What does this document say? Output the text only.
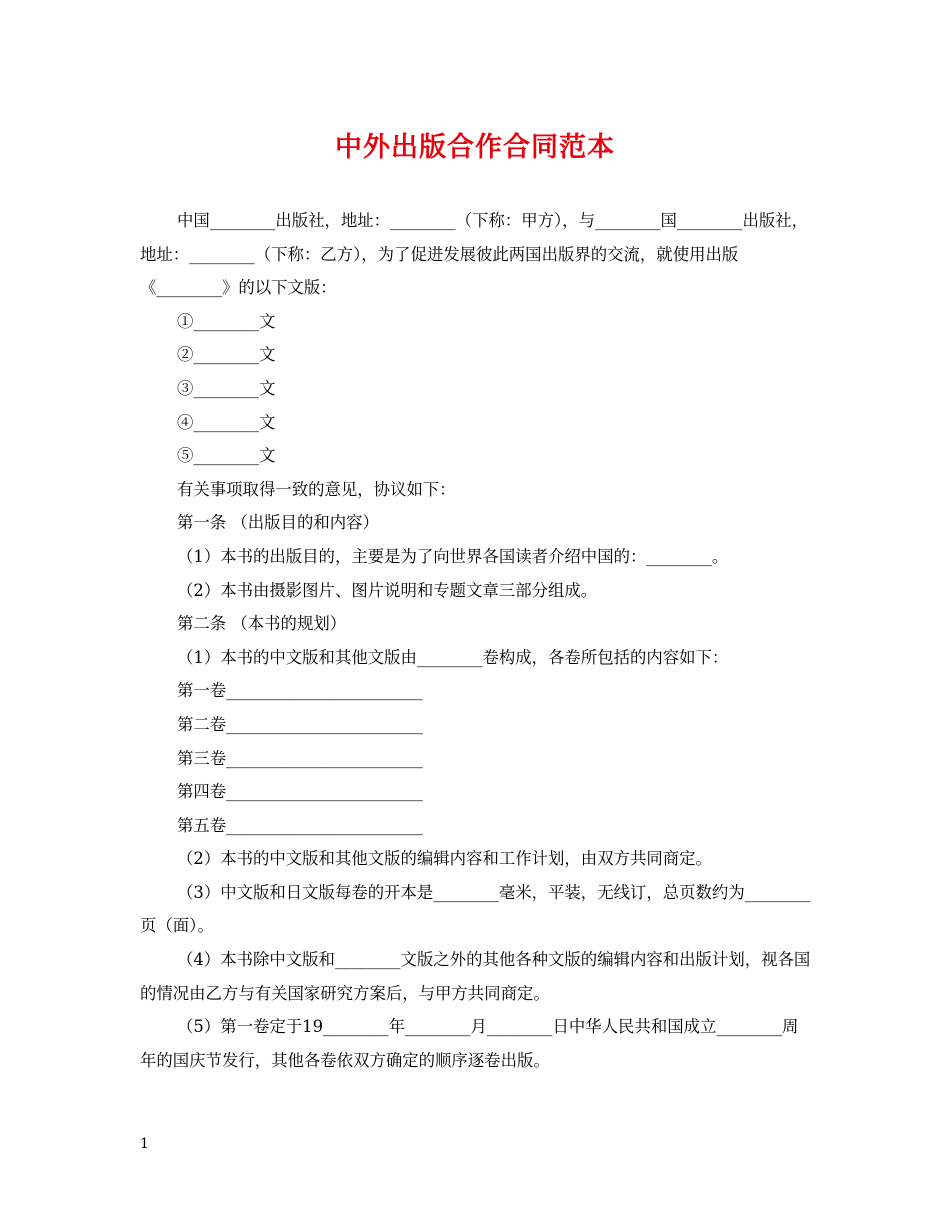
中外出版合作合同范本

中国________出版社，地址：________（下称：甲方），与________国________出版社，地址：________（下称：乙方），为了促进发展彼此两国出版界的交流，就使用出版《________》的以下文版：

①________文

②________文

③________文

④________文

⑤________文

有关事项取得一致的意见，协议如下：

第一条 （出版目的和内容）

（1）本书的出版目的，主要是为了向世界各国读者介绍中国的：________。

（2）本书由摄影图片、图片说明和专题文章三部分组成。

第二条 （本书的规划）

（1）本书的中文版和其他文版由________卷构成，各卷所包括的内容如下：

第一卷________________________

第二卷________________________

第三卷________________________

第四卷________________________

第五卷________________________

（2）本书的中文版和其他文版的编辑内容和工作计划，由双方共同商定。

（3）中文版和日文版每卷的开本是________毫米，平装，无线订，总页数约为________页（面）。

（4）本书除中文版和________文版之外的其他各种文版的编辑内容和出版计划，视各国的情况由乙方与有关国家研究方案后，与甲方共同商定。

（5）第一卷定于19________年________月________日中华人民共和国成立________周年的国庆节发行，其他各卷依双方确定的顺序逐卷出版。

1
